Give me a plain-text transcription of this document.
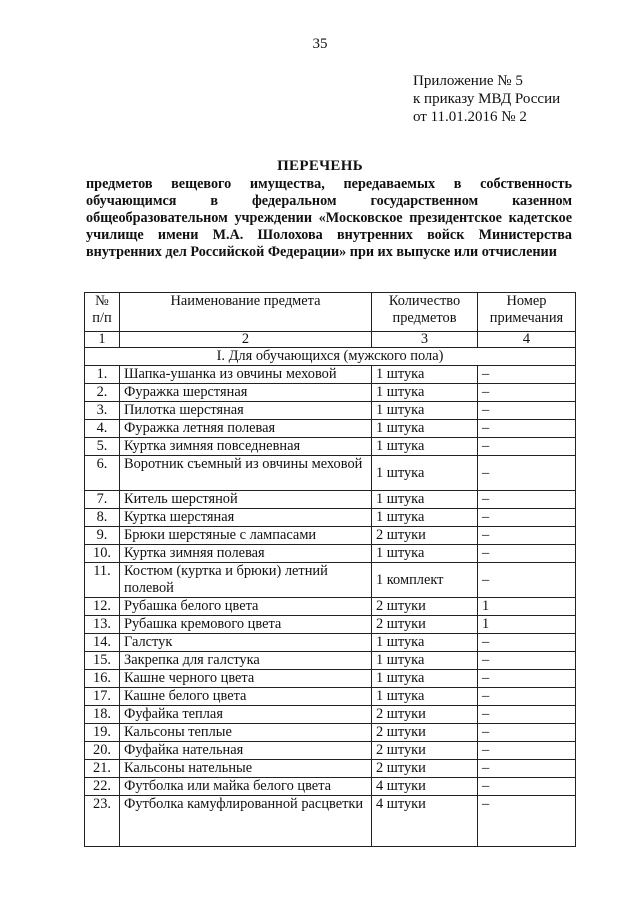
35
Приложение № 5
к приказу МВД России
от 11.01.2016 № 2
ПЕРЕЧЕНЬ
предметов вещевого имущества, передаваемых в собственность обучающимся в федеральном государственном казенном общеобразовательном учреждении «Московское президентское кадетское училище имени М.А. Шолохова внутренних войск Министерства внутренних дел Российской Федерации» при их выпуске или отчислении
№ п/п	Наименование предмета	Количество предметов	Номер примечания
1	2	3	4
I. Для обучающихся (мужского пола)			
1.	Шапка-ушанка из овчины меховой	1 штука	–
2.	Фуражка шерстяная	1 штука	–
3.	Пилотка шерстяная	1 штука	–
4.	Фуражка летняя полевая	1 штука	–
5.	Куртка зимняя повседневная	1 штука	–
6.	Воротник съемный из овчины меховой	1 штука	–
7.	Китель шерстяной	1 штука	–
8.	Куртка шерстяная	1 штука	–
9.	Брюки шерстяные с лампасами	2 штуки	–
10.	Куртка зимняя полевая	1 штука	–
11.	Костюм (куртка и брюки) летний полевой	1 комплект	–
12.	Рубашка белого цвета	2 штуки	1
13.	Рубашка кремового цвета	2 штуки	1
14.	Галстук	1 штука	–
15.	Закрепка для галстука	1 штука	–
16.	Кашне черного цвета	1 штука	–
17.	Кашне белого цвета	1 штука	–
18.	Фуфайка теплая	2 штуки	–
19.	Кальсоны теплые	2 штуки	–
20.	Фуфайка нательная	2 штуки	–
21.	Кальсоны нательные	2 штуки	–
22.	Футболка или майка белого цвета	4 штуки	–
23.	Футболка камуфлированной расцветки	4 штуки	–
